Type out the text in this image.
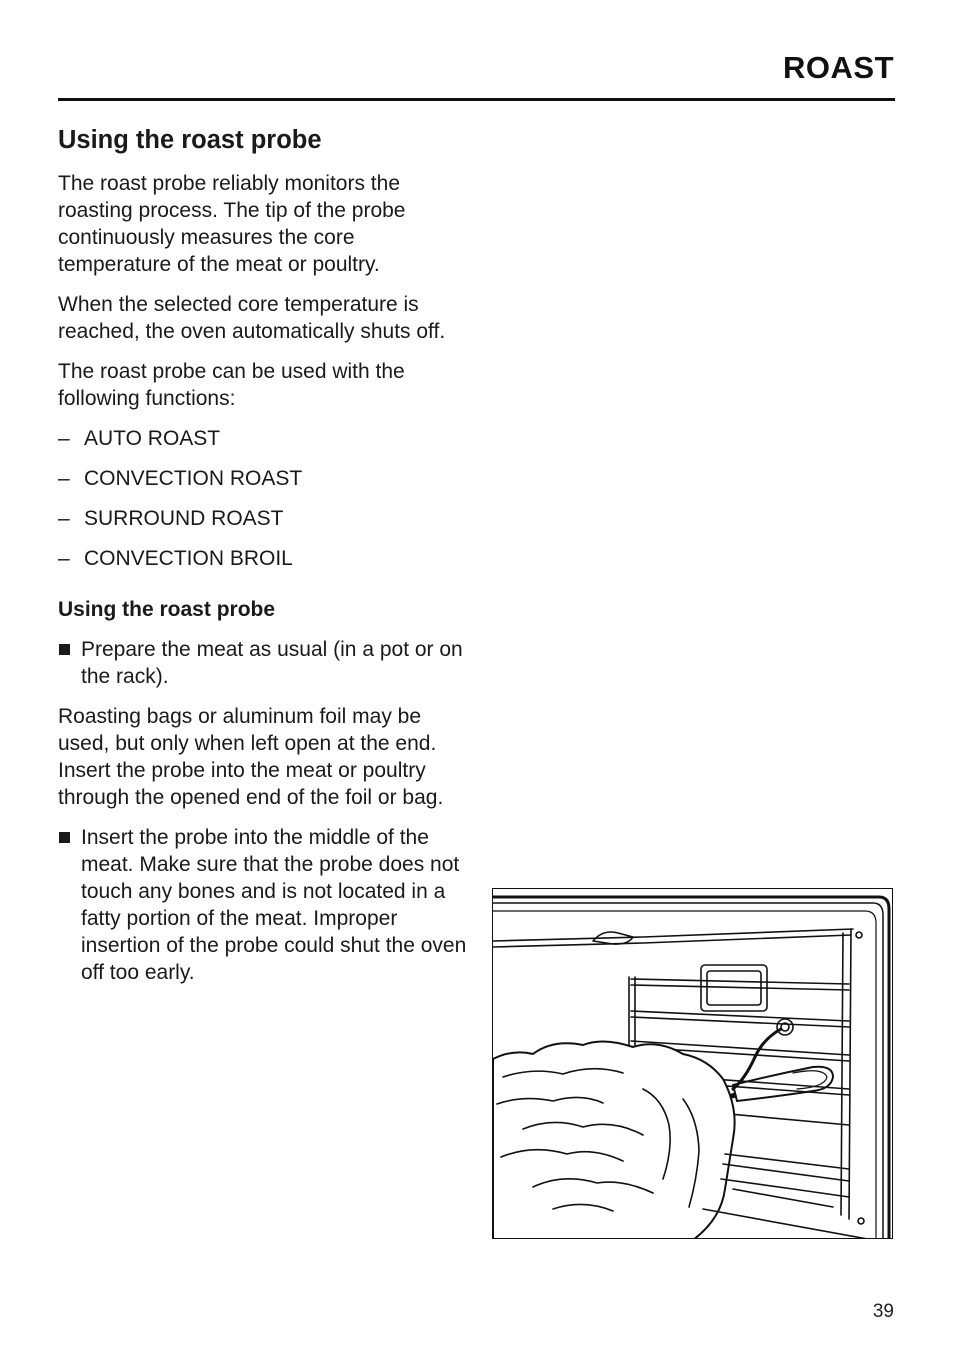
ROAST
Using the roast probe

The roast probe reliably monitors the roasting process. The tip of the probe continuously measures the core temperature of the meat or poultry.

When the selected core temperature is reached, the oven automatically shuts off.

The roast probe can be used with the following functions:

– AUTO ROAST
– CONVECTION ROAST
– SURROUND ROAST
– CONVECTION BROIL
Using the roast probe
Prepare the meat as usual (in a pot or on the rack).

Roasting bags or aluminum foil may be used, but only when left open at the end. Insert the probe into the meat or poultry through the opened end of the foil or bag.

Insert the probe into the middle of the meat. Make sure that the probe does not touch any bones and is not located in a fatty portion of the meat. Improper insertion of the probe could shut the oven off too early.
39
